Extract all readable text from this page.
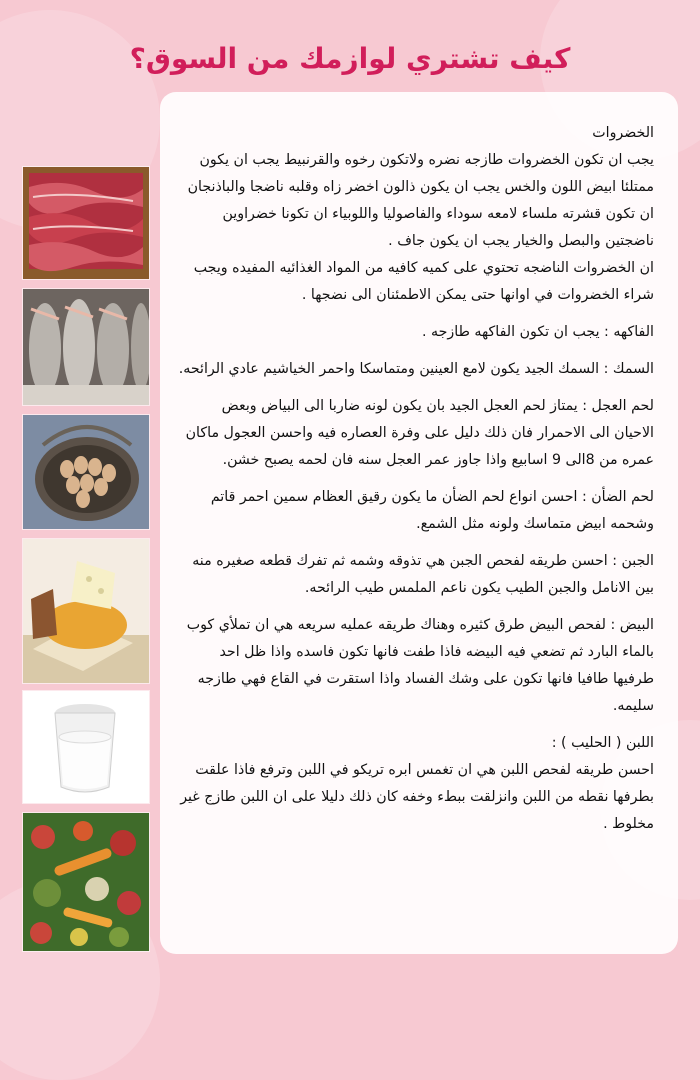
كيف تشتري لوازمك من السوق؟

الخضروات

يجب ان تكون الخضروات طازجه نضره ولاتكون رخوه والقرنبيط يجب ان يكون ممتلئا ابيض اللون والخس يجب ان يكون ذالون اخضر زاه وقلبه ناضجا والباذنجان ان تكون قشرته ملساء لامعه سوداء والفاصوليا واللوبياء ان تكونا خضراوين ناضجتين والبصل والخيار يجب ان يكون جاف .

ان الخضروات الناضجه تحتوي على كميه كافيه من المواد الغذائيه المفيده ويجب شراء الخضروات في اوانها حتى يمكن الاطمئنان الى نضجها .

الفاكهه : يجب ان تكون الفاكهه طازجه .

السمك : السمك الجيد يكون لامع العينين ومتماسكا واحمر الخياشيم عادي الرائحه.

لحم العجل : يمتاز لحم العجل الجيد بان يكون لونه ضاربا الى البياض وبعض الاحيان الى الاحمرار فان ذلك دليل على وفرة العصاره فيه واحسن العجول ماكان عمره من 8الى 9 اسابيع واذا جاوز عمر العجل سنه فان لحمه يصبح خشن.

لحم الضأن : احسن انواع لحم الضأن ما يكون رقيق العظام سمين احمر قاتم وشحمه ابيض متماسك ولونه مثل الشمع.

الجبن : احسن طريقه لفحص الجبن هي تذوقه وشمه ثم تفرك قطعه صغيره منه بين الانامل والجبن الطيب يكون ناعم الملمس طيب الرائحه.

البيض : لفحص البيض طرق كثيره وهناك طريقه عمليه سريعه هي ان تملأي كوب بالماء البارد ثم تضعي فيه البيضه فاذا طفت فانها تكون فاسده واذا ظل احد طرفيها طافيا فانها تكون على وشك الفساد واذا استقرت في القاع فهي طازجه سليمه.

اللبن ( الحليب ) :

احسن طريقه لفحص اللبن هي ان تغمس ابره تريكو في اللبن وترفع فاذا علقت بطرفها نقطه من اللبن وانزلقت ببطء وخفه كان ذلك دليلا على ان اللبن طازج غير مخلوط .
